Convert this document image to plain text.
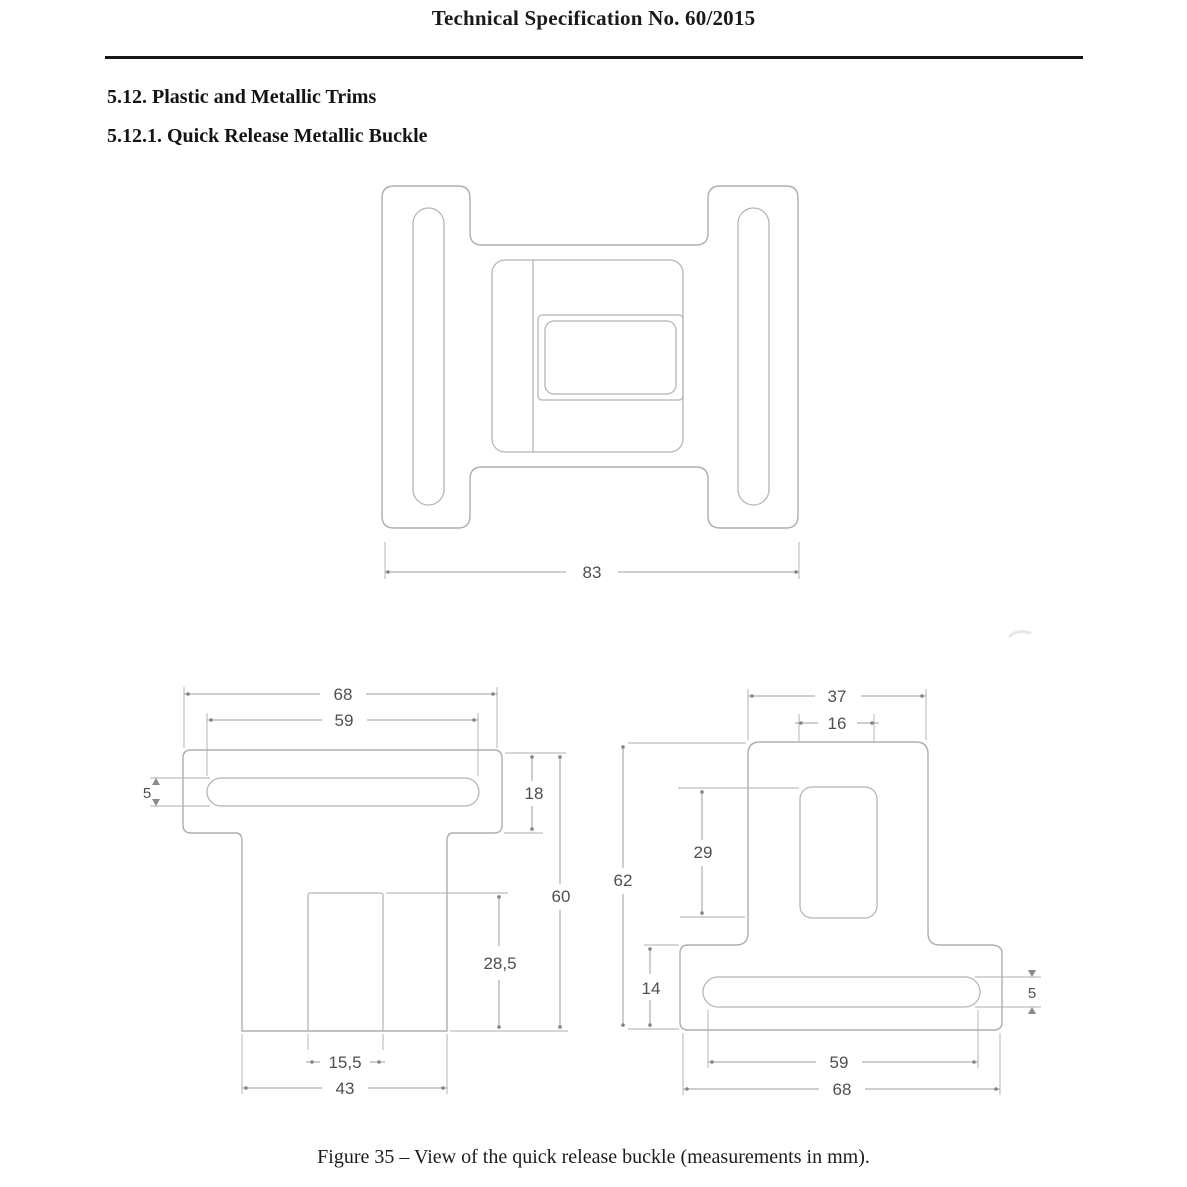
Technical Specification No. 60/2015
5.12. Plastic and Metallic Trims
5.12.1. Quick Release Metallic Buckle
83
68
59
5	18
60
28,5
15,5
43
37
16
29
62
14	5
59
68
Figure 35 – View of the quick release buckle (measurements in mm).
